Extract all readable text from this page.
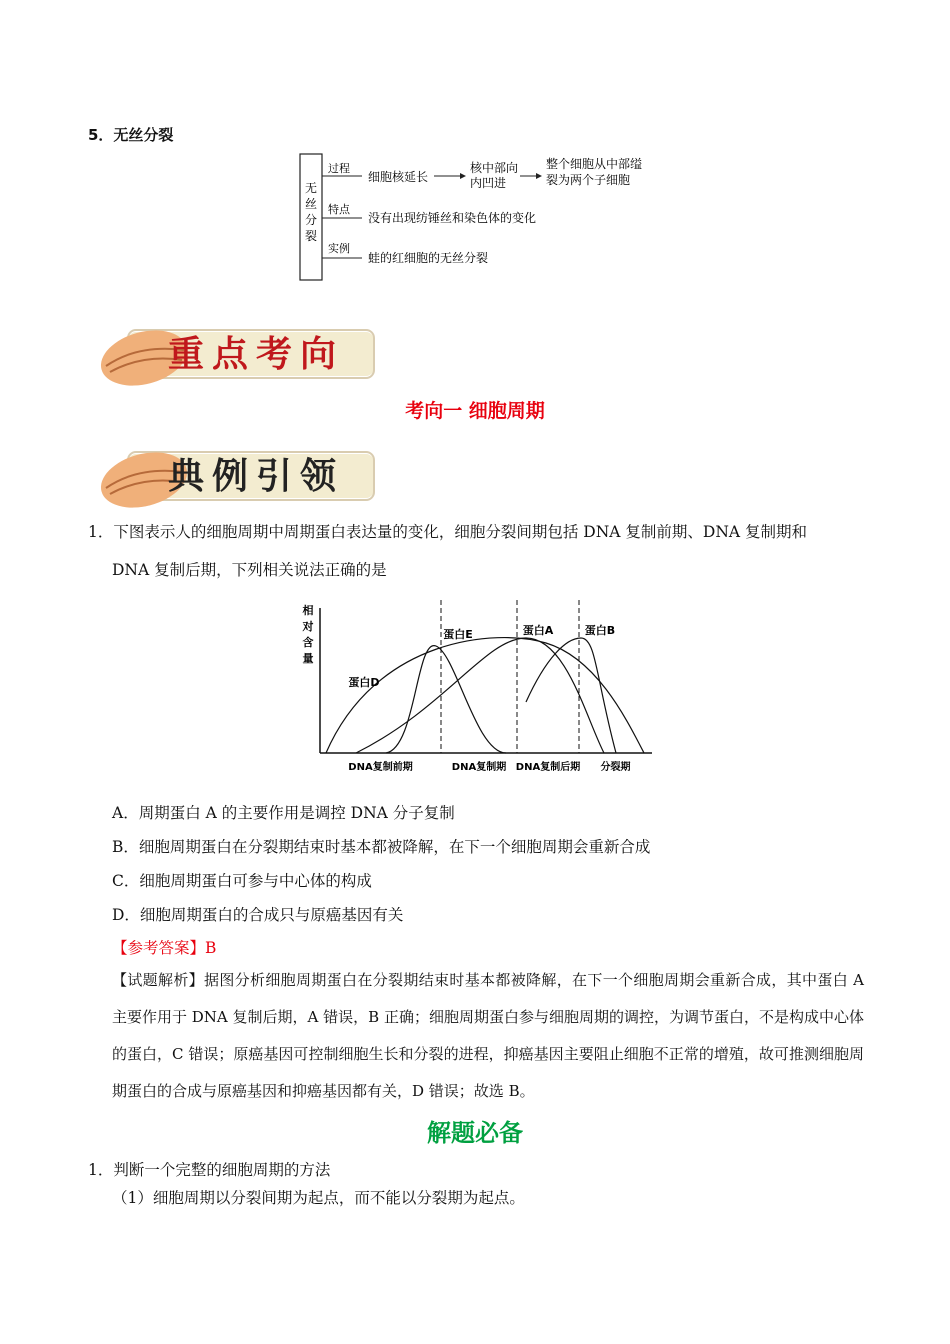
5．无丝分裂
无
丝
分
裂
过程
特点
实例
细胞核延长
核中部向
内凹进
整个细胞从中部缢
裂为两个子细胞
没有出现纺锤丝和染色体的变化
蛙的红细胞的无丝分裂
重点考向
考向一 细胞周期
典例引领
1．下图表示人的细胞周期中周期蛋白表达量的变化，细胞分裂间期包括 DNA 复制前期、DNA 复制期和
DNA 复制后期，下列相关说法正确的是
相
对
含
量
DNA复制前期	DNA复制期 DNA复制后期 分裂期
蛋白D
蛋白E	蛋白A	蛋白B
A．周期蛋白 A 的主要作用是调控 DNA 分子复制
B．细胞周期蛋白在分裂期结束时基本都被降解，在下一个细胞周期会重新合成
C．细胞周期蛋白可参与中心体的构成
D．细胞周期蛋白的合成只与原癌基因有关
【参考答案】B
【试题解析】据图分析细胞周期蛋白在分裂期结束时基本都被降解，在下一个细胞周期会重新合成，其中蛋白 A 主要作用于 DNA 复制后期，A 错误，B 正确；细胞周期蛋白参与细胞周期的调控，为调节蛋白，不是构成中心体的蛋白，C 错误；原癌基因可控制细胞生长和分裂的进程，抑癌基因主要阻止细胞不正常的增殖，故可推测细胞周期蛋白的合成与原癌基因和抑癌基因都有关，D 错误；故选 B。
解题必备
1．判断一个完整的细胞周期的方法
（1）细胞周期以分裂间期为起点，而不能以分裂期为起点。
